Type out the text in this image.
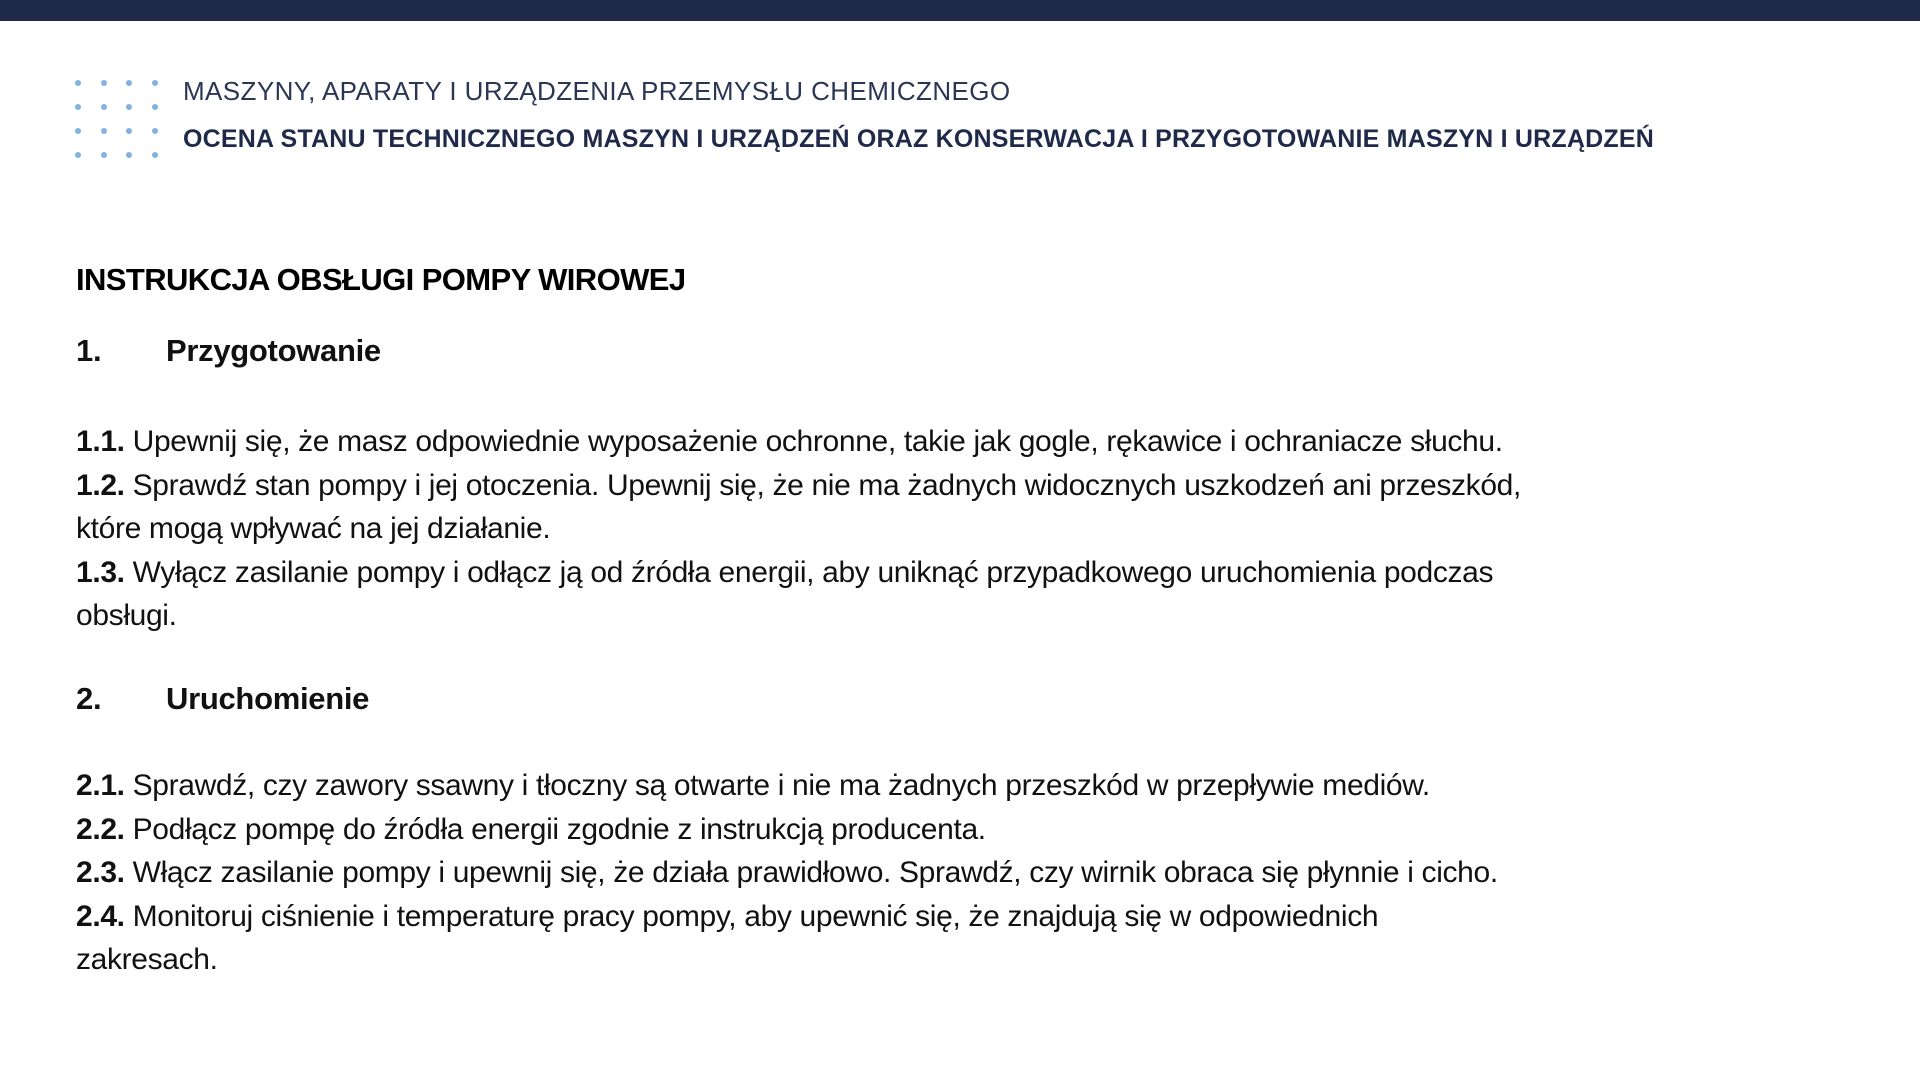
MASZYNY, APARATY I URZĄDZENIA PRZEMYSŁU CHEMICZNEGO
OCENA STANU TECHNICZNEGO MASZYN I URZĄDZEŃ ORAZ KONSERWACJA I PRZYGOTOWANIE MASZYN I URZĄDZEŃ
INSTRUKCJA OBSŁUGI POMPY WIROWEJ
1. Przygotowanie
1.1. Upewnij się, że masz odpowiednie wyposażenie ochronne, takie jak gogle, rękawice i ochraniacze słuchu.
1.2. Sprawdź stan pompy i jej otoczenia. Upewnij się, że nie ma żadnych widocznych uszkodzeń ani przeszkód,
które mogą wpływać na jej działanie.
1.3. Wyłącz zasilanie pompy i odłącz ją od źródła energii, aby uniknąć przypadkowego uruchomienia podczas
obsługi.
2. Uruchomienie
2.1. Sprawdź, czy zawory ssawny i tłoczny są otwarte i nie ma żadnych przeszkód w przepływie mediów.
2.2. Podłącz pompę do źródła energii zgodnie z instrukcją producenta.
2.3. Włącz zasilanie pompy i upewnij się, że działa prawidłowo. Sprawdź, czy wirnik obraca się płynnie i cicho.
2.4. Monitoruj ciśnienie i temperaturę pracy pompy, aby upewnić się, że znajdują się w odpowiednich
zakresach.
